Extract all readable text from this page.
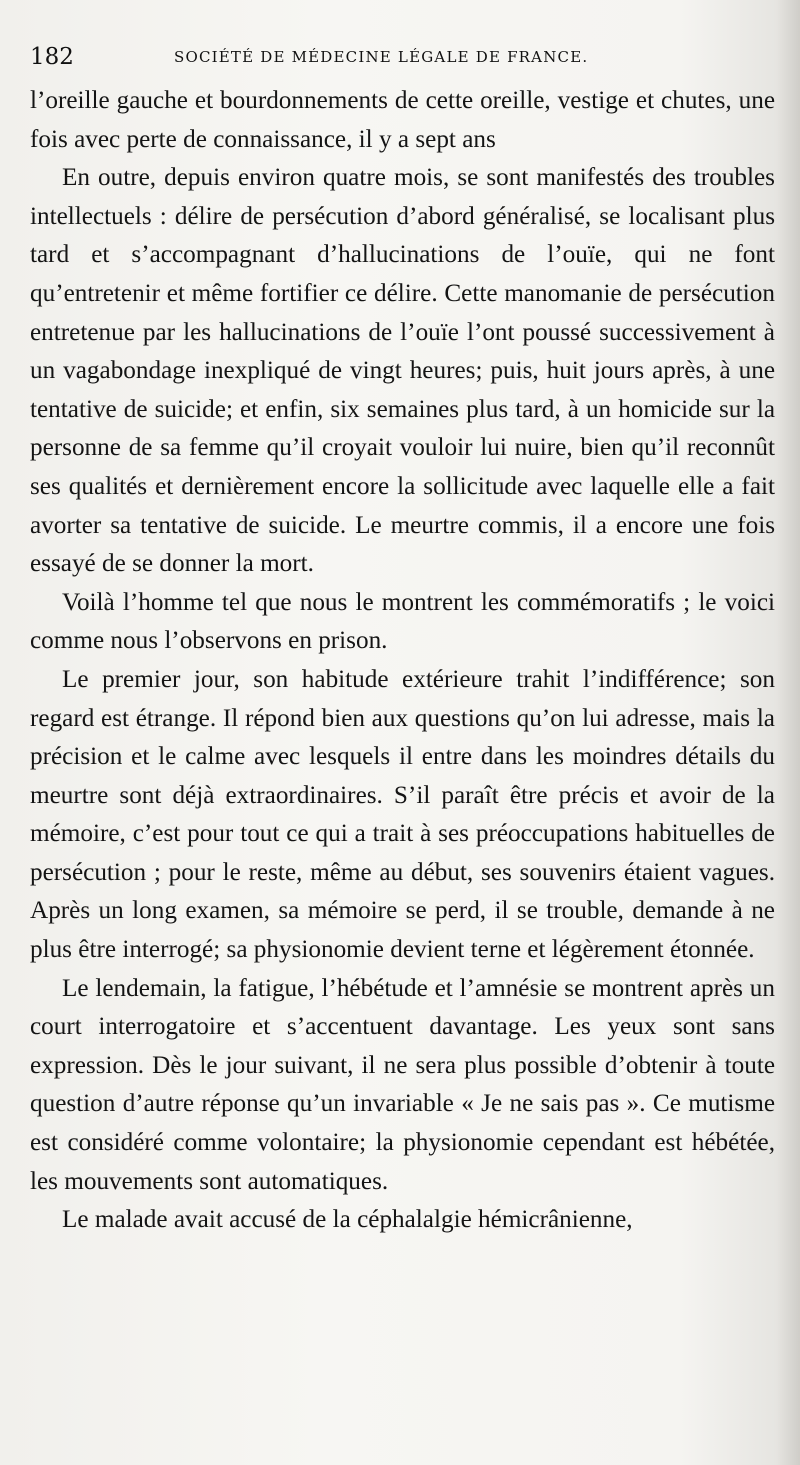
182	SOCIÉTÉ DE MÉDECINE LÉGALE DE FRANCE.

l’oreille gauche et bourdonnements de cette oreille, vestige et chutes, une fois avec perte de connaissance, il y a sept ans

En outre, depuis environ quatre mois, se sont manifestés des troubles intellectuels : délire de persécution d’abord généralisé, se localisant plus tard et s’accompagnant d’hallucinations de l’ouïe, qui ne font qu’entretenir et même fortifier ce délire. Cette manomanie de persécution entretenue par les hallucinations de l’ouïe l’ont poussé successivement à un vagabondage inexpliqué de vingt heures; puis, huit jours après, à une tentative de suicide; et enfin, six semaines plus tard, à un homicide sur la personne de sa femme qu’il croyait vouloir lui nuire, bien qu’il reconnût ses qualités et dernièrement encore la sollicitude avec laquelle elle a fait avorter sa tentative de suicide. Le meurtre commis, il a encore une fois essayé de se donner la mort.

Voilà l’homme tel que nous le montrent les commémoratifs ; le voici comme nous l’observons en prison.

Le premier jour, son habitude extérieure trahit l’indifférence; son regard est étrange. Il répond bien aux questions qu’on lui adresse, mais la précision et le calme avec lesquels il entre dans les moindres détails du meurtre sont déjà extraordinaires. S’il paraît être précis et avoir de la mémoire, c’est pour tout ce qui a trait à ses préoccupations habituelles de persécution ; pour le reste, même au début, ses souvenirs étaient vagues. Après un long examen, sa mémoire se perd, il se trouble, demande à ne plus être interrogé; sa physionomie devient terne et légèrement étonnée.

Le lendemain, la fatigue, l’hébétude et l’amnésie se montrent après un court interrogatoire et s’accentuent davantage. Les yeux sont sans expression. Dès le jour suivant, il ne sera plus possible d’obtenir à toute question d’autre réponse qu’un invariable « Je ne sais pas ». Ce mutisme est considéré comme volontaire; la physionomie cependant est hébétée, les mouvements sont automatiques.

Le malade avait accusé de la céphalalgie hémicrânienne,
